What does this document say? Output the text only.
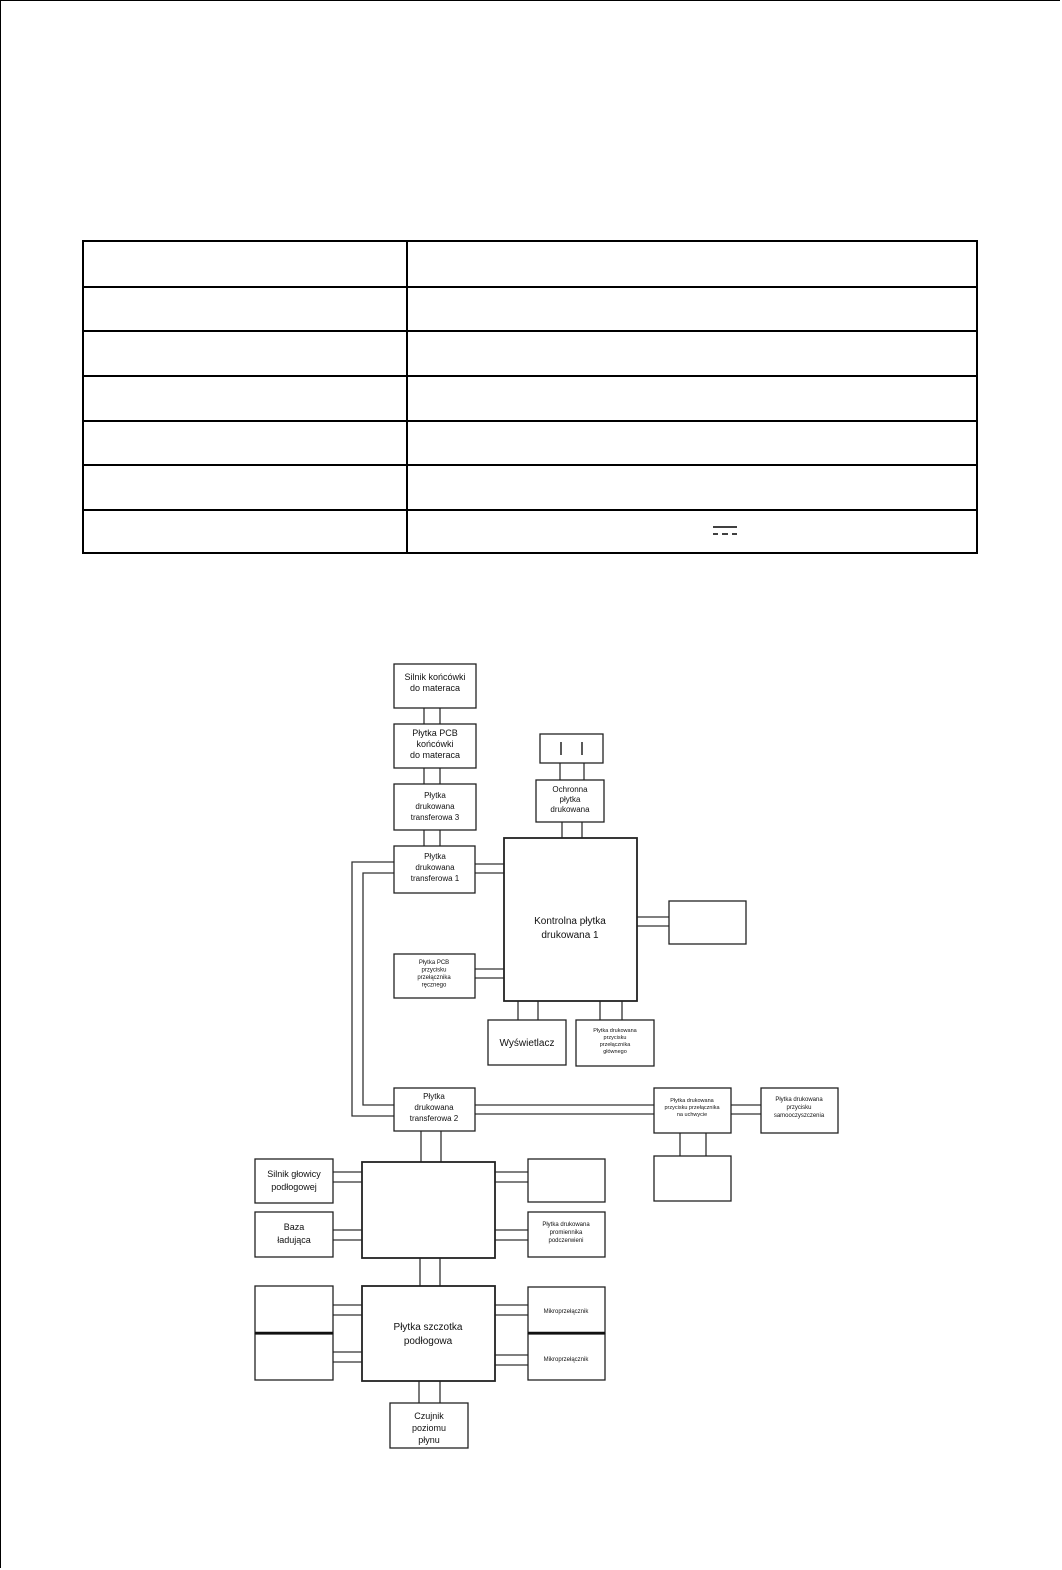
Silnik końcówki
do materaca
Płytka PCB
końcówki
do materaca
Płytka
drukowana
transferowa 3
Płytka
drukowana
transferowa 1
Ochronna
płytka
drukowana
Kontrolna płytka
drukowana 1
Płytka PCB
przycisku
przełącznika
ręcznego
Wyświetlacz
Płytka drukowana
przycisku
przełącznika
głównego
Płytka
drukowana
transferowa 2
Płytka drukowana
przycisku przełącznika
na uchwycie
Płytka drukowana
przycisku
samooczyszczenia
Silnik głowicy
podłogowej
Baza
ładująca
Płytka drukowana
promiennika
podczerwieni
Płytka szczotka
podłogowa
Mikroprzełącznik
Mikroprzełącznik
Czujnik
poziomu
płynu
